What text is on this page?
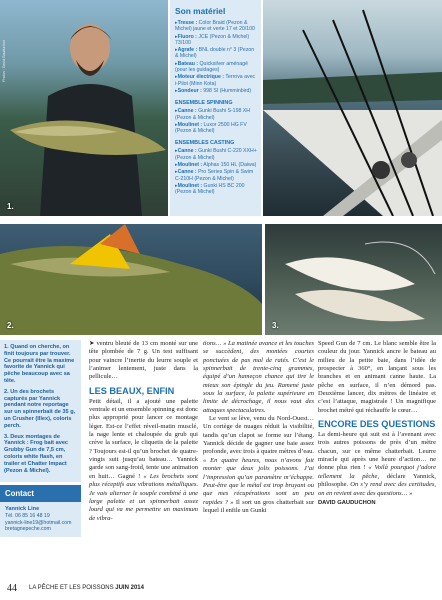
Photos : David Gauduchon
1.
2.	3.
Son matériel
▸Tresse : Color Braid (Pezon & Michel) jaune et verte 17 et 20/100
▸Fluoro : JCE (Pezon & Michel) 73/100
▸Agrafe : BNL double n° 3 (Pezon & Michel)
▸Bateau : Quicksilver aménagé (pour les guidages)
▸Moteur électrique : Terrova avec i-Pilot (Minn Kota)
▸Sondeur : 998 SI (Humminbird)
ENSEMBLE SPINNING
▸Canne : Gunki Bushi S-198 XH (Pezon & Michel)
▸Moulinet : Luxor 2500 HG FV (Pezon & Michel)
ENSEMBLES CASTING
▸Canne : Gunki Bushi C-220 XXH+ (Pezon & Michel)
▸Moulinet : Alphas 150 HL (Daiwa)
▸Canne : Pro Series Spin & Swim C-210H (Pezon & Michel)
▸Moulinet : Gunki HS BC 200 (Pezon & Michel)
1. Quand on cherche, on finit toujours par trouver. Ce pourrait être la maxime favorite de Yannick qui pêche beaucoup avec sa tête.
2. Un des brochets capturés par Yannick pendant notre reportage sur un spinnerbait de 35 g, un Crusher (Illex), coloris perch.
3. Deux montages de Yannick : Frog bait avec Grubby Gun de 7,5 cm, coloris white flash, en trailer et Chatter Impact (Pezon & Michel).
Contact
Yannick Line
Tél. 06 85 16 48 19
yannick-line19@hotmail.com
bretagnepeche.com

➤ ventru bleuté de 13 cm monté sur une tête plombée de 7 g. Un test suffisant pour vaincre l’inertie du leurre souple et l’animer lentement, juste dans la pellicule…

LES BEAUX, ENFIN

Petit détail, il a ajouté une palette ventrale et un ensemble spinning est donc plus approprié pour lancer ce montage léger. Est-ce l’effet réveil-matin musclé, la nage lente et chaloupée du grub qui crève la surface, le cliquetis de la palette ? Toujours est-il qu’un brochet de quatre-vingts suit jusqu’au bateau… Yannick garde son sang-froid, tente une animation en huit… Gagné ! « Les brochets sont plus réceptifs aux vibrations métalliques. Je vais alterner le souple combiné à une large palette et un spinnerbait assez lourd qui va me permettre un maximum de vibra-

tions… » La matinée avance et les touches se succèdent, des montées courtes ponctuées de pas mal de ratés. C’est le spinnerbait de trente-cinq grammes, équipé d’un hameçon chance qui tire le mieux son épingle du jeu. Ramené juste sous la surface, la palette supérieure en limite de décrochage, il nous vaut des attaques spectaculaires.

Le vent se lève, venu du Nord-Ouest… Un cortège de nuages réduit la visibilité, tandis qu’un clapot se forme sur l’étang. Yannick décide de gagner une baie assez profonde, avec trois à quatre mètres d’eau. « En quatre heures, nous n’avons fait monter que deux jolis poissons. J’ai l’impression qu’un paramètre m’échappe. Peut-être que le métal est trop bruyant ou que mes récupérations sont un peu rapides ? » Il sort un gros chatterbait sur lequel il enfile un Gunki

Speed Gun de 7 cm. Le blanc semble être la couleur du jour. Yannick ancre le bateau au milieu de la petite baie, dans l’idée de prospecter à 360°, en lançant sous les branches et en animant canne haute. La pêche en surface, il n’en démord pas. Deuxième lancer, dix mètres de linéaire et c’est l’attaque, magistrale ! Un magnifique brochet métré qui réchauffe le cœur…

ENCORE DES QUESTIONS

La demi-heure qui suit est à l’avenant avec trois autres poissons de près d’un mètre chacun, sur ce même chatterbait. Leurre miracle qui après une heure d’action… ne donne plus rien ! « Voilà pourquoi j’adore tellement la pêche, déclare Yannick, philosophe. On s’y rend avec des certitudes, on en revient avec des questions… »

DAVID GAUDUCHON
44 LA PÊCHE ET LES POISSONS JUIN 2014
